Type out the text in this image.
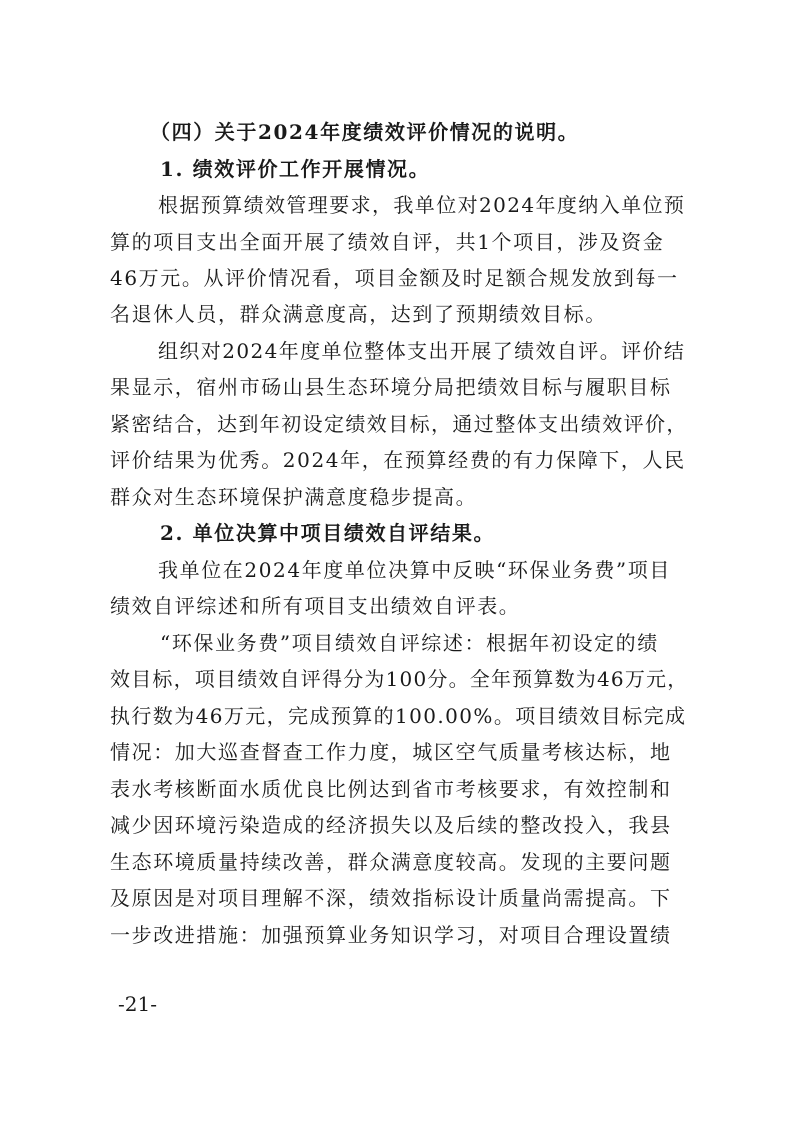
（四）关于2024年度绩效评价情况的说明。
1. 绩效评价工作开展情况。
根据预算绩效管理要求，我单位对2024年度纳入单位预
算的项目支出全面开展了绩效自评，共1个项目，涉及资金
46万元。从评价情况看，项目金额及时足额合规发放到每一
名退休人员，群众满意度高，达到了预期绩效目标。
组织对2024年度单位整体支出开展了绩效自评。评价结
果显示，宿州市砀山县生态环境分局把绩效目标与履职目标
紧密结合，达到年初设定绩效目标，通过整体支出绩效评价，
评价结果为优秀。2024年，在预算经费的有力保障下，人民
群众对生态环境保护满意度稳步提高。
2. 单位决算中项目绩效自评结果。
我单位在2024年度单位决算中反映“环保业务费”项目
绩效自评综述和所有项目支出绩效自评表。
“环保业务费”项目绩效自评综述：根据年初设定的绩
效目标，项目绩效自评得分为100分。全年预算数为46万元，
执行数为46万元，完成预算的100.00%。项目绩效目标完成
情况：加大巡查督查工作力度，城区空气质量考核达标，地
表水考核断面水质优良比例达到省市考核要求，有效控制和
减少因环境污染造成的经济损失以及后续的整改投入，我县
生态环境质量持续改善，群众满意度较高。发现的主要问题
及原因是对项目理解不深，绩效指标设计质量尚需提高。下
一步改进措施：加强预算业务知识学习，对项目合理设置绩
-21-
